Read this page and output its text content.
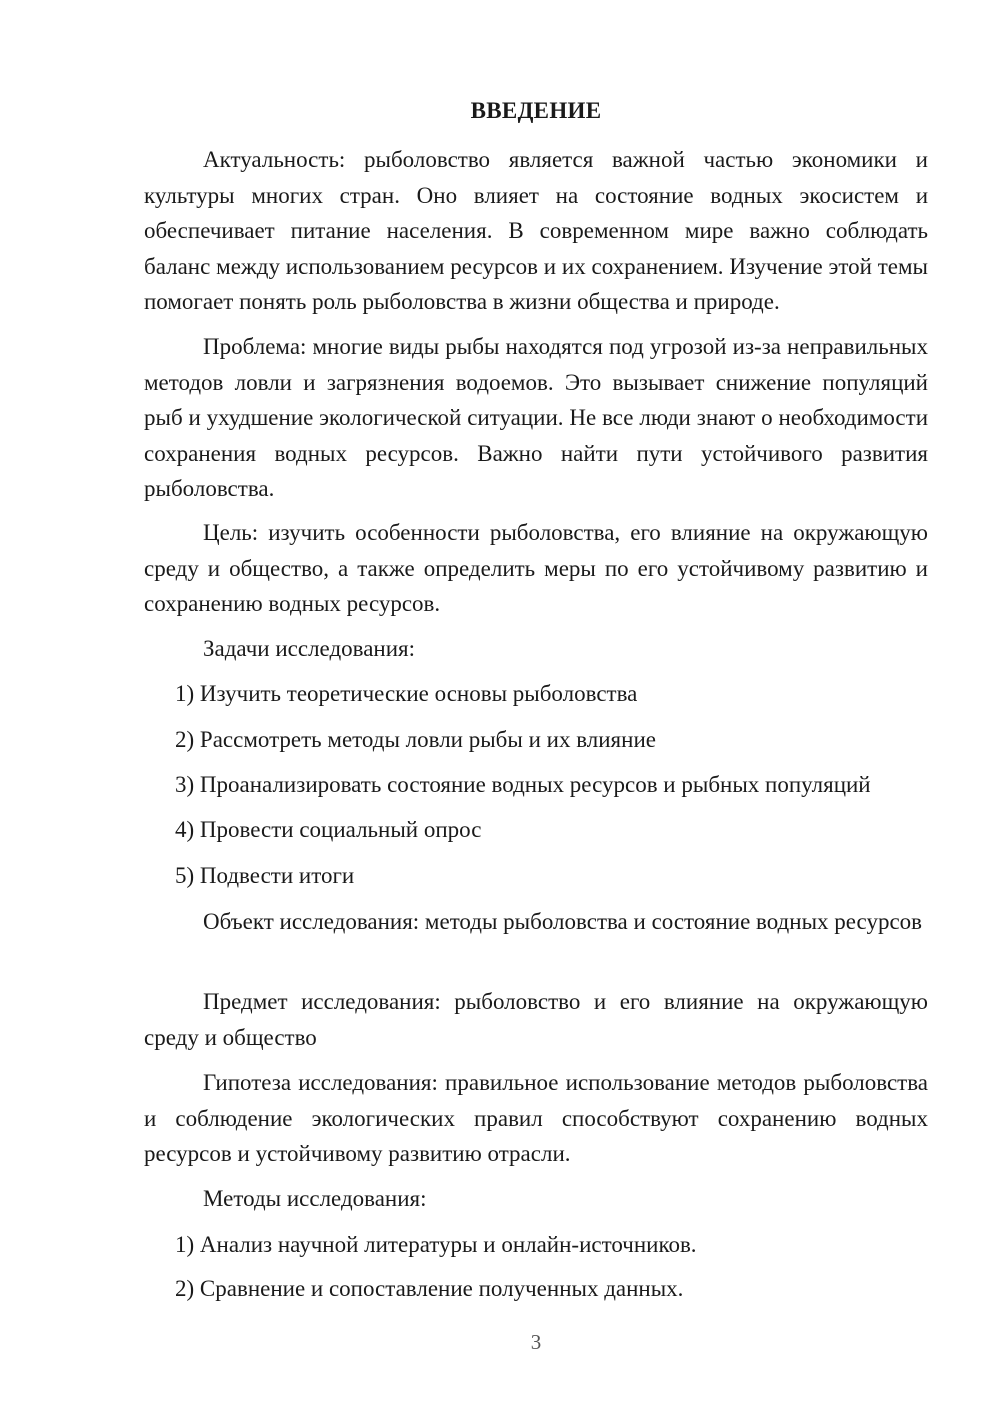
ВВЕДЕНИЕ

Актуальность: рыболовство является важной частью экономики и культуры многих стран. Оно влияет на состояние водных экосистем и обеспечивает питание населения. В современном мире важно соблюдать баланс между использованием ресурсов и их сохранением. Изучение этой темы помогает понять роль рыболовства в жизни общества и природе.

Проблема: многие виды рыбы находятся под угрозой из-за неправильных методов ловли и загрязнения водоемов. Это вызывает снижение популяций рыб и ухудшение экологической ситуации. Не все люди знают о необходимости сохранения водных ресурсов. Важно найти пути устойчивого развития рыболовства.

Цель: изучить особенности рыболовства, его влияние на окружающую среду и общество, а также определить меры по его устойчивому развитию и сохранению водных ресурсов.

Задачи исследования:

1) Изучить теоретические основы рыболовства
2) Рассмотреть методы ловли рыбы и их влияние
3) Проанализировать состояние водных ресурсов и рыбных популяций
4) Провести социальный опрос
5) Подвести итоги

Объект исследования: методы рыболовства и состояние водных ресурсов

Предмет исследования: рыболовство и его влияние на окружающую среду и общество

Гипотеза исследования: правильное использование методов рыболовства и соблюдение экологических правил способствуют сохранению водных ресурсов и устойчивому развитию отрасли.

Методы исследования:

1) Анализ научной литературы и онлайн-источников.
2) Сравнение и сопоставление полученных данных.
3
